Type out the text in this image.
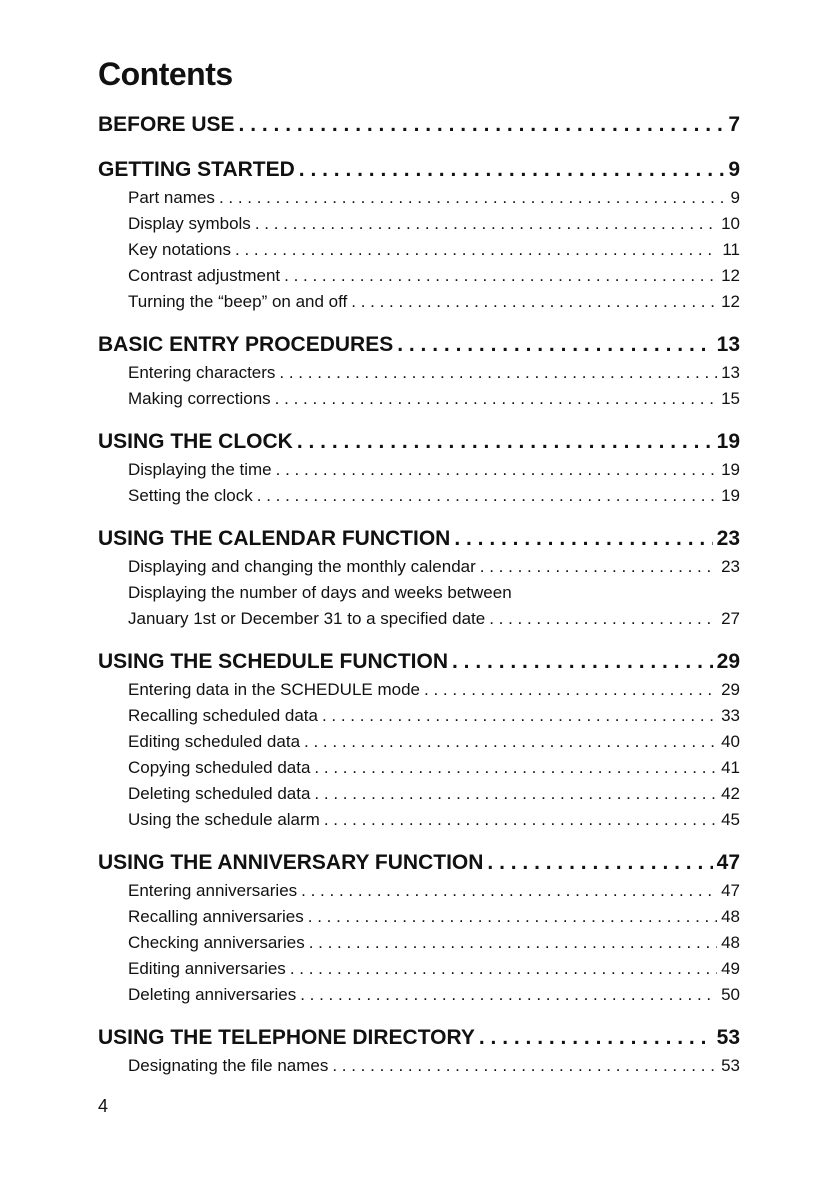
Contents
BEFORE USE . . .	7
GETTING STARTED . . .	9
Part names . . .	9
Display symbols . . .	10
Key notations . . .	11
Contrast adjustment . . .	12
Turning the “beep” on and off . . .	12
BASIC ENTRY PROCEDURES . . .	13
Entering characters . . .	13
Making corrections . . .	15
USING THE CLOCK . . .	19
Displaying the time . . .	19
Setting the clock . . .	19
USING THE CALENDAR FUNCTION . . .	23
Displaying and changing the monthly calendar . . .	23
Displaying the number of days and weeks between
January 1st or December 31 to a specified date . . .	27
USING THE SCHEDULE FUNCTION . . .	29
Entering data in the SCHEDULE mode . . .	29
Recalling scheduled data . . .	33
Editing scheduled data . . .	40
Copying scheduled data . . .	41
Deleting scheduled data . . .	42
Using the schedule alarm . . .	45
USING THE ANNIVERSARY FUNCTION . . .	47
Entering anniversaries . . .	47
Recalling anniversaries . . .	48
Checking anniversaries . . .	48
Editing anniversaries . . .	49
Deleting anniversaries . . .	50
USING THE TELEPHONE DIRECTORY . . .	53
Designating the file names . . .	53
4
